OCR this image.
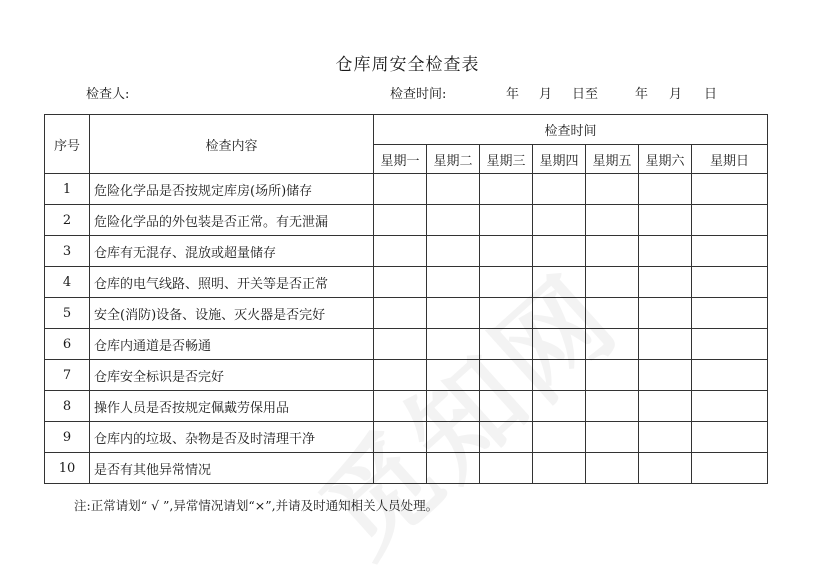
仓库周安全检查表
检查人:	检查时间:	年 月 日至	年 月 日
序号	检查内容	检查时间						
		星期一	星期二	星期三	星期四	星期五	星期六	星期日
1	危险化学品是否按规定库房(场所)储存							
2	危险化学品的外包装是否正常。有无泄漏							
3	仓库有无混存、混放或超量储存							
4	仓库的电气线路、照明、开关等是否正常							
5	安全(消防)设备、设施、灭火器是否完好							
6	仓库内通道是否畅通							
7	仓库安全标识是否完好							
8	操作人员是否按规定佩戴劳保用品							
9	仓库内的垃圾、杂物是否及时清理干净							
10	是否有其他异常情况							
注:正常请划“ √ ”,异常情况请划“×”,并请及时通知相关人员处理。
